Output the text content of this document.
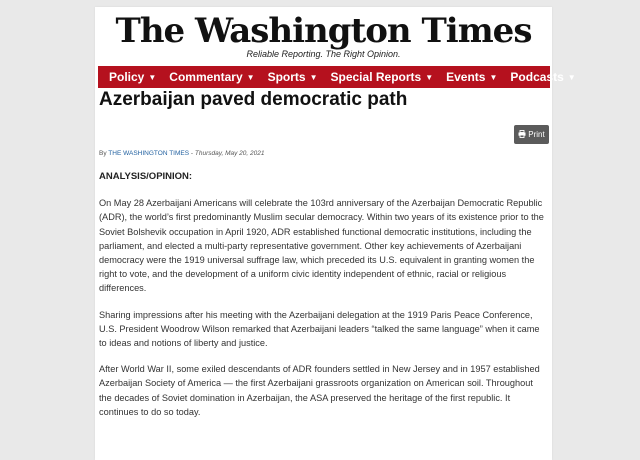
The Washington Times
Reliable Reporting. The Right Opinion.
Policy ▼ Commentary ▼ Sports ▼ Special Reports ▼ Events ▼ Podcasts ▼
Azerbaijan paved democratic path
Print
By THE WASHINGTON TIMES - Thursday, May 20, 2021

ANALYSIS/OPINION:

On May 28 Azerbaijani Americans will celebrate the 103rd anniversary of the Azerbaijan Democratic Republic (ADR), the world’s first predominantly Muslim secular democracy. Within two years of its existence prior to the Soviet Bolshevik occupation in April 1920, ADR established functional democratic institutions, including the parliament, and elected a multi-party representative government. Other key achievements of Azerbaijani democracy were the 1919 universal suffrage law, which preceded its U.S. equivalent in granting women the right to vote, and the development of a uniform civic identity independent of ethnic, racial or religious differences.

Sharing impressions after his meeting with the Azerbaijani delegation at the 1919 Paris Peace Conference, U.S. President Woodrow Wilson remarked that Azerbaijani leaders “talked the same language” when it came to ideas and notions of liberty and justice.

After World War II, some exiled descendants of ADR founders settled in New Jersey and in 1957 established Azerbaijan Society of America — the first Azerbaijani grassroots organization on American soil. Throughout the decades of Soviet domination in Azerbaijan, the ASA preserved the heritage of the first republic. It continues to do so today.
